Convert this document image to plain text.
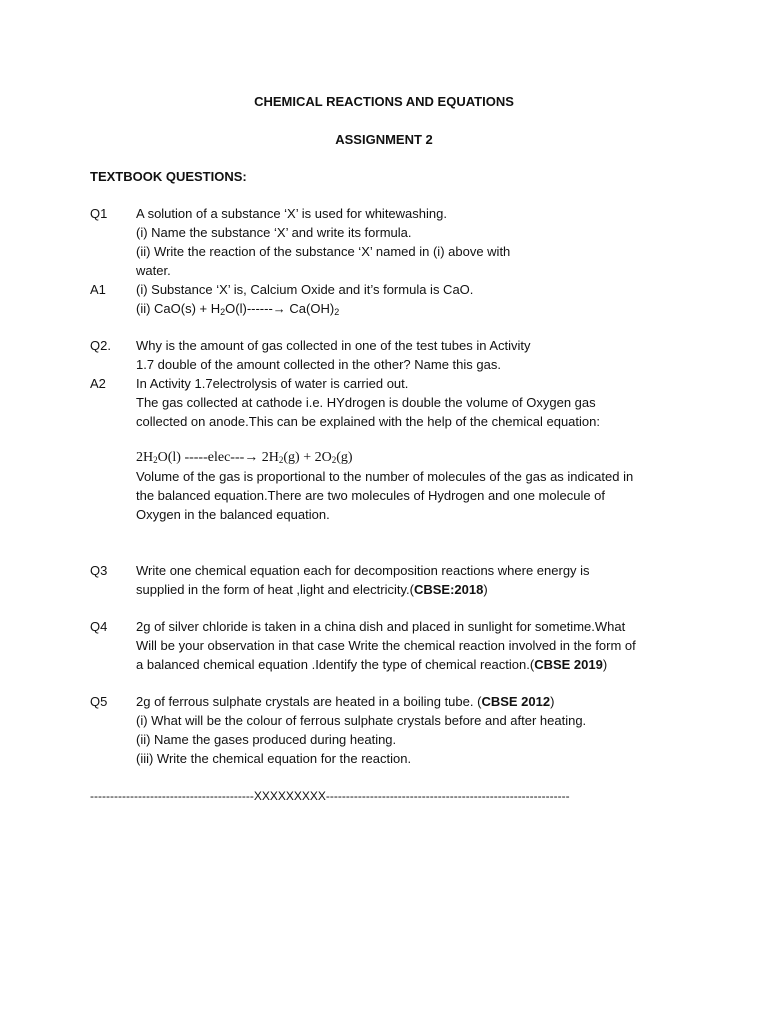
CHEMICAL REACTIONS AND EQUATIONS
ASSIGNMENT 2
TEXTBOOK QUESTIONS:
Q1 A solution of a substance ‘X’ is used for whitewashing.
(i) Name the substance ‘X’ and write its formula.
(ii) Write the reaction of the substance ‘X’ named in (i) above with
water.
A1 (i) Substance ‘X’ is, Calcium Oxide and it’s formula is CaO.
(ii) $CaO(s) + H_2O(l)------\to Ca(OH)_2$
Q2. Why is the amount of gas collected in one of the test tubes in Activity
1.7 double of the amount collected in the other? Name this gas.
A2 In Activity 1.7electrolysis of water is carried out.
The gas collected at cathode i.e. HYdrogen is double the volume of Oxygen gas
collected on anode.This can be explained with the help of the chemical equation:
$2H_2O(l)$ -----elec---→ $2H_2(g) + 2O_2(g)$
Volume of the gas is proportional to the number of molecules of the gas as indicated in
the balanced equation.There are two molecules of Hydrogen and one molecule of
Oxygen in the balanced equation.
Q3 Write one chemical equation each for decomposition reactions where energy is
supplied in the form of heat ,light and electricity.(CBSE:2018)
Q4 2g of silver chloride is taken in a china dish and placed in sunlight for sometime.What
Will be your observation in that case Write the chemical reaction involved in the form of
a balanced chemical equation .Identify the type of chemical reaction.(CBSE 2019)
Q5 2g of ferrous sulphate crystals are heated in a boiling tube. (CBSE 2012)
(i) What will be the colour of ferrous sulphate crystals before and after heating.
(ii) Name the gases produced during heating.
(iii) Write the chemical equation for the reaction.
-----------------------------------------XXXXXXXXX-------------------------------------------------------------
